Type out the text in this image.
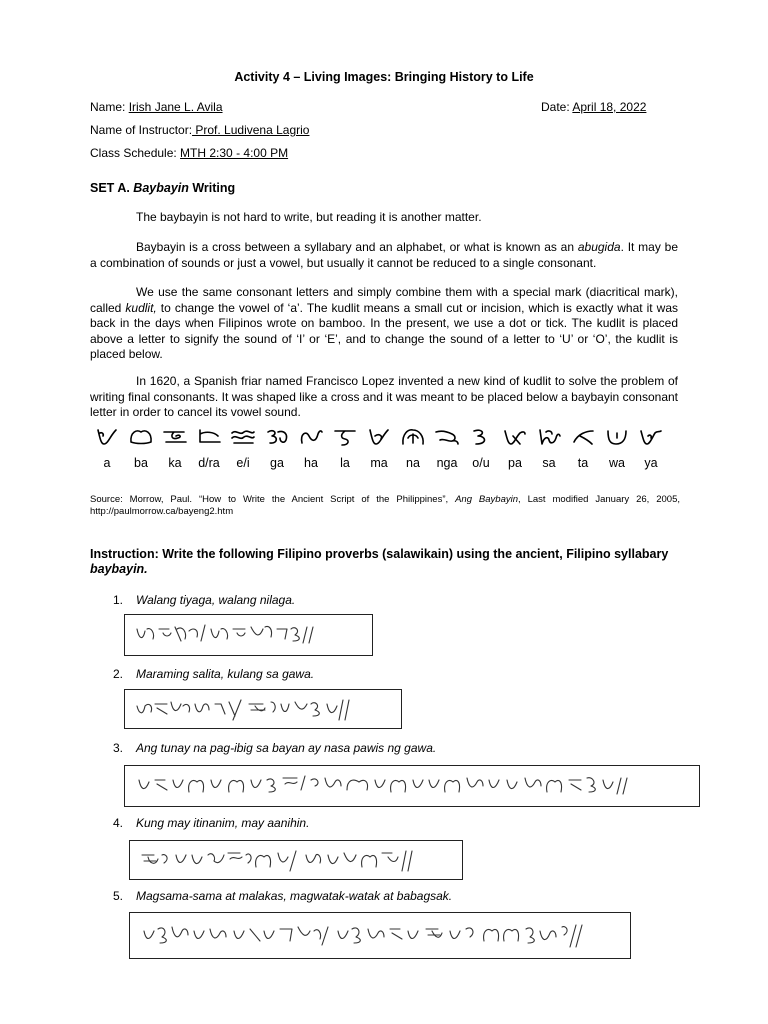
Activity 4 – Living Images: Bringing History to Life
Name: Irish Jane L. Avila	Date: April 18, 2022
Name of Instructor: Prof. Ludivena Lagrio
Class Schedule: MTH 2:30 - 4:00 PM
SET A. Baybayin Writing
The baybayin is not hard to write, but reading it is another matter.
Baybayin is a cross between a syllabary and an alphabet, or what is known as an abugida. It may be a combination of sounds or just a vowel, but usually it cannot be reduced to a single consonant.
We use the same consonant letters and simply combine them with a special mark (diacritical mark), called kudlit, to change the vowel of ‘a’. The kudlit means a small cut or incision, which is exactly what it was back in the days when Filipinos wrote on bamboo. In the present, we use a dot or tick. The kudlit is placed above a letter to signify the sound of ‘I’ or ‘E’, and to change the sound of a letter to ‘U’ or ‘O’, the kudlit is placed below.
In 1620, a Spanish friar named Francisco Lopez invented a new kind of kudlit to solve the problem of writing final consonants. It was shaped like a cross and it was meant to be placed below a baybayin consonant letter in order to cancel its vowel sound.
a	ba	ka	d/ra	e/i	ga	ha	la	ma	na	nga	o/u	pa	sa	ta	wa	ya
Source: Morrow, Paul. “How to Write the Ancient Script of the Philippines”, Ang Baybayin, Last modified January 26, 2005, http://paulmorrow.ca/bayeng2.htm
Instruction: Write the following Filipino proverbs (salawikain) using the ancient, Filipino syllabary baybayin.
1. Walang tiyaga, walang nilaga.
2. Maraming salita, kulang sa gawa.
3. Ang tunay na pag-ibig sa bayan ay nasa pawis ng gawa.
4. Kung may itinanim, may aanihin.
5. Magsama-sama at malakas, magwatak-watak at babagsak.
